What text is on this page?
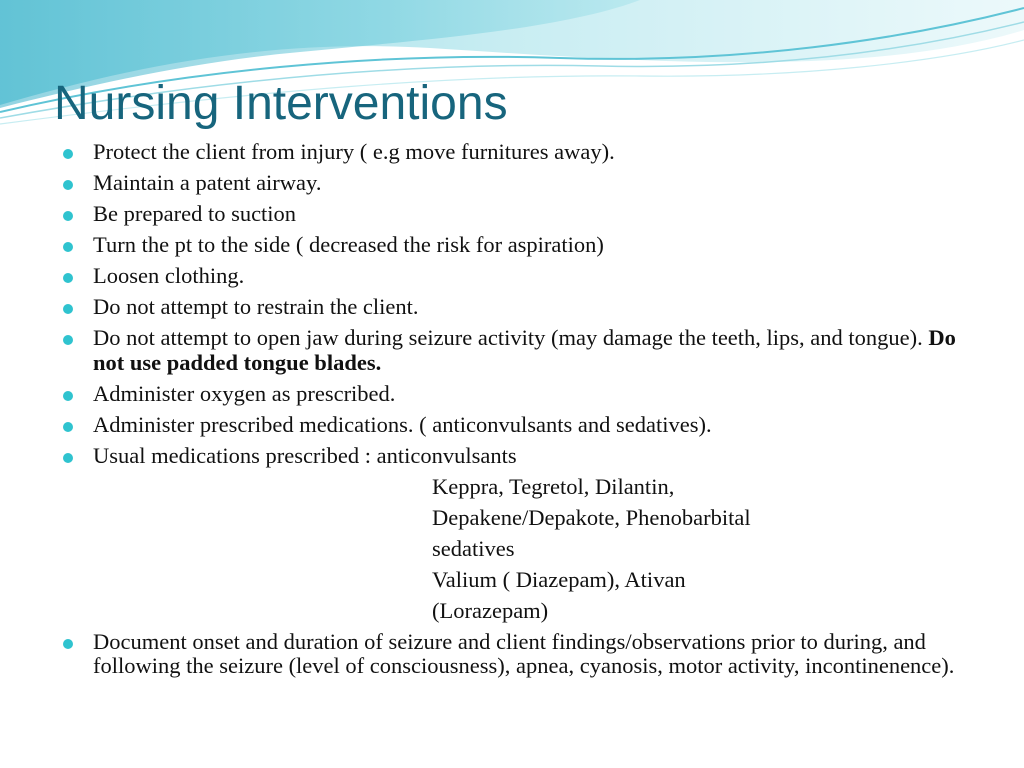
Nursing Interventions
Protect the client from injury ( e.g move furnitures away).
Maintain a patent airway.
Be prepared to suction
Turn the pt to the side ( decreased the risk for aspiration)
Loosen clothing.
Do not attempt to restrain the client.
Do not attempt to open jaw during seizure activity (may damage the teeth, lips, and tongue). Do not use padded tongue blades.
Administer oxygen as prescribed.
Administer prescribed medications. ( anticonvulsants and sedatives).
Usual medications prescribed : anticonvulsants
Keppra, Tegretol, Dilantin,
Depakene/Depakote, Phenobarbital
sedatives
Valium ( Diazepam), Ativan
(Lorazepam)
Document onset and duration of seizure and client findings/observations prior to during, and following the seizure (level of consciousness), apnea, cyanosis, motor activity, incontinenence).
